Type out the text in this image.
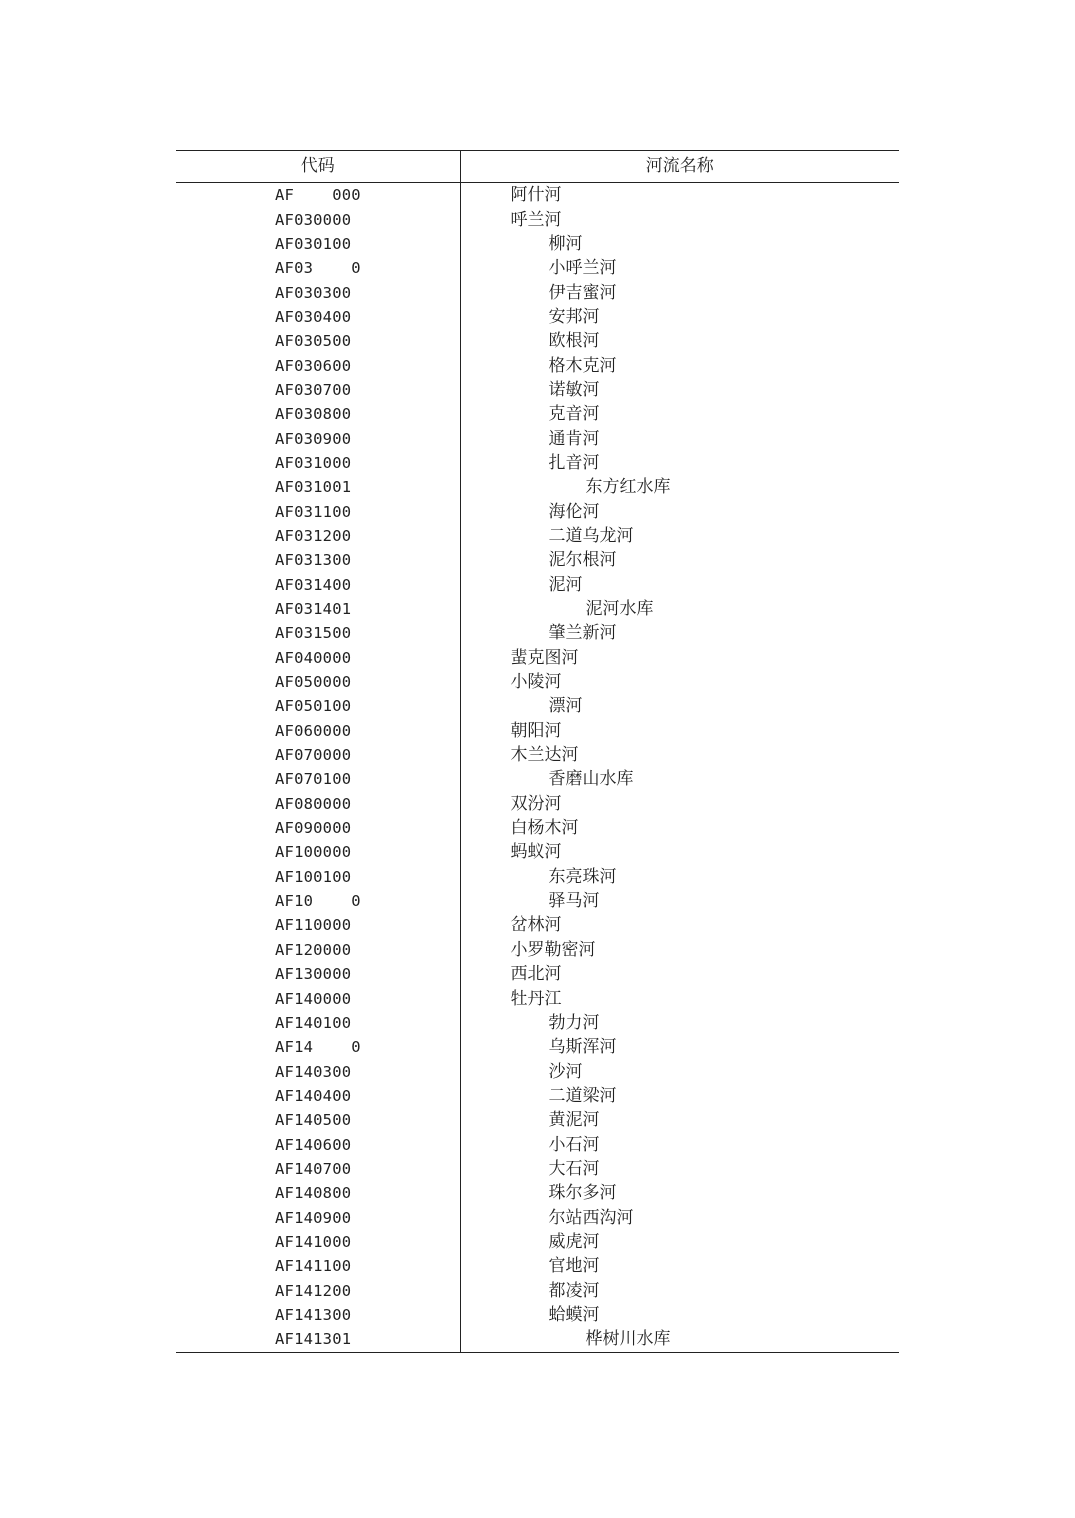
代码	河流名称
AF    000	阿什河
AF030000	呼兰河
AF030100	柳河
AF03    0	小呼兰河
AF030300	伊吉蜜河
AF030400	安邦河
AF030500	欧根河
AF030600	格木克河
AF030700	诺敏河
AF030800	克音河
AF030900	通肯河
AF031000	扎音河
AF031001	东方红水库
AF031100	海伦河
AF031200	二道乌龙河
AF031300	泥尔根河
AF031400	泥河
AF031401	泥河水库
AF031500	肇兰新河
AF040000	蜚克图河
AF050000	小陵河
AF050100	漂河
AF060000	朝阳河
AF070000	木兰达河
AF070100	香磨山水库
AF080000	双汾河
AF090000	白杨木河
AF100000	蚂蚁河
AF100100	东亮珠河
AF10    0	驿马河
AF110000	岔林河
AF120000	小罗勒密河
AF130000	西北河
AF140000	牡丹江
AF140100	勃力河
AF14    0	乌斯浑河
AF140300	沙河
AF140400	二道梁河
AF140500	黄泥河
AF140600	小石河
AF140700	大石河
AF140800	珠尔多河
AF140900	尔站西沟河
AF141000	威虎河
AF141100	官地河
AF141200	都凌河
AF141300	蛤蟆河
AF141301	桦树川水库
